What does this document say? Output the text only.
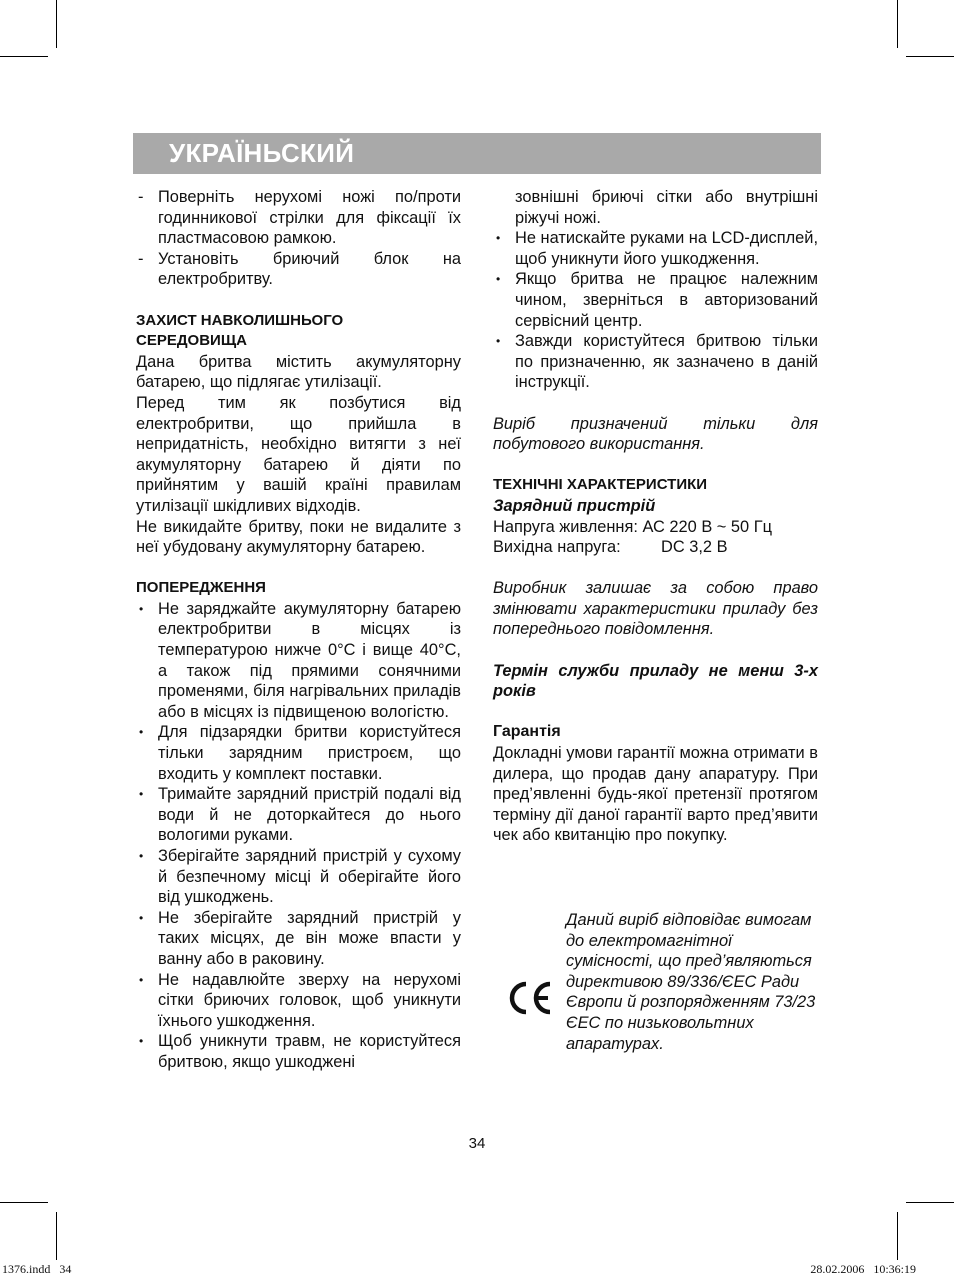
УКРАЇНЬСКИЙ
- Поверніть нерухомі ножі по/проти годинникової стрілки для фіксації їх пластмасовою рамкою.
- Установіть бриючий блок на електробритву.

ЗАХИСТ НАВКОЛИШНЬОГО
СЕРЕДОВИЩА

Дана бритва містить акумуляторну батарею, що підлягає утилізації.

Перед тим як позбутися від електробритви, що прийшла в непридатність, необхідно витягти з неї акумуляторну батарею й діяти по прийнятим у вашій країні правилам утилізації шкідливих відходів.

Не викидайте бритву, поки не видалите з неї убудовану акумуляторну батарею.

ПОПЕРЕДЖЕННЯ

• Не заряджайте акумуляторну батарею електробритви в місцях із температурою нижче 0°С і вище 40°С, а також під прямими сонячними променями, біля нагрівальних приладів або в місцях із підвищеною вологістю.
• Для підзарядки бритви користуйтеся тільки зарядним пристроєм, що входить у комплект поставки.
• Тримайте зарядний пристрій подалі від води й не доторкайтеся до нього вологими руками.
• Зберігайте зарядний пристрій у сухому й безпечному місці й оберігайте його від ушкоджень.
• Не зберігайте зарядний пристрій у таких місцях, де він може впасти у ванну або в раковину.
• Не надавлюйте зверху на нерухомі сітки бриючих головок, щоб уникнути їхнього ушкодження.
• Щоб уникнути травм, не користуйтеся бритвою, якщо ушкоджені
зовнішні бриючі сітки або внутрішні ріжучі ножі.
• Не натискайте руками на LCD-дисплей, щоб уникнути його ушкодження.
• Якщо бритва не працює належним чином, зверніться в авторизований сервісний центр.
• Завжди користуйтеся бритвою тільки по призначенню, як зазначено в даній інструкції.

Виріб призначений тільки для побутового використання.

ТЕХНІЧНІ ХАРАКТЕРИСТИКИ

Зарядний пристрій

Напруга живлення: АС 220 В ~ 50 Гц

Вихідна напруга:	DC 3,2 В

Виробник залишає за собою право змінювати характеристики приладу без попереднього повідомлення.

Термін служби приладу не менш 3-х років

Гарантія

Докладні умови гарантії можна отримати в дилера, що продав дану апаратуру. При пред’явленні будь-якої претензії протягом терміну дії даної гарантії варто пред’явити чек або квитанцію про покупку.

Даний виріб відповідає вимогам до електромагнітної сумісності, що пред’являються директивою 89/336/ЄЕС Ради Європи й розпорядженням 73/23 ЄЕС по низьковольтних апаратурах.
34
1376.indd   34	28.02.2006   10:36:19
